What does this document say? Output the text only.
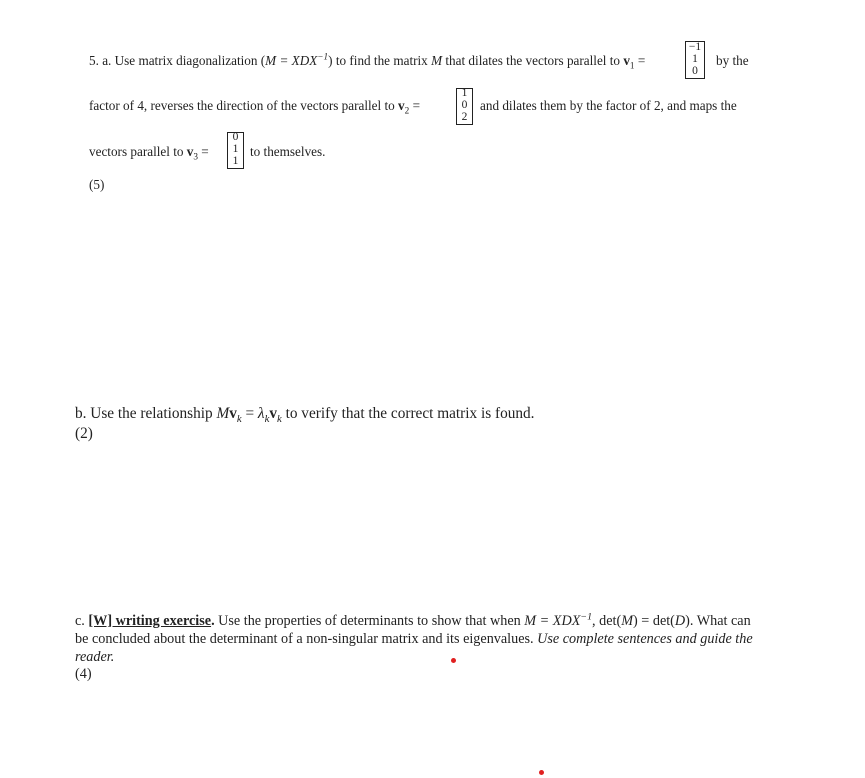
5. a. Use matrix diagonalization $(M = XDX^{-1})$ to find the matrix M that dilates the vectors parallel to $v_1$ =
−1
1
0
by the
factor of 4, reverses the direction of the vectors parallel to $v_2$ =
1
0
2
and dilates them by the factor of 2, and maps the
vectors parallel to $v_3$ =
0
1
1
to themselves.
(5)
b. Use the relationship $Mv_k = \lambda_kv_k$ to verify that the correct matrix is found.
(2)
c. [W] writing exercise. Use the properties of determinants to show that when $M = XDX^{-1}$, det(M) = det(D). What can
be concluded about the determinant of a non-singular matrix and its eigenvalues. Use complete sentences and guide the
reader.
(4)
